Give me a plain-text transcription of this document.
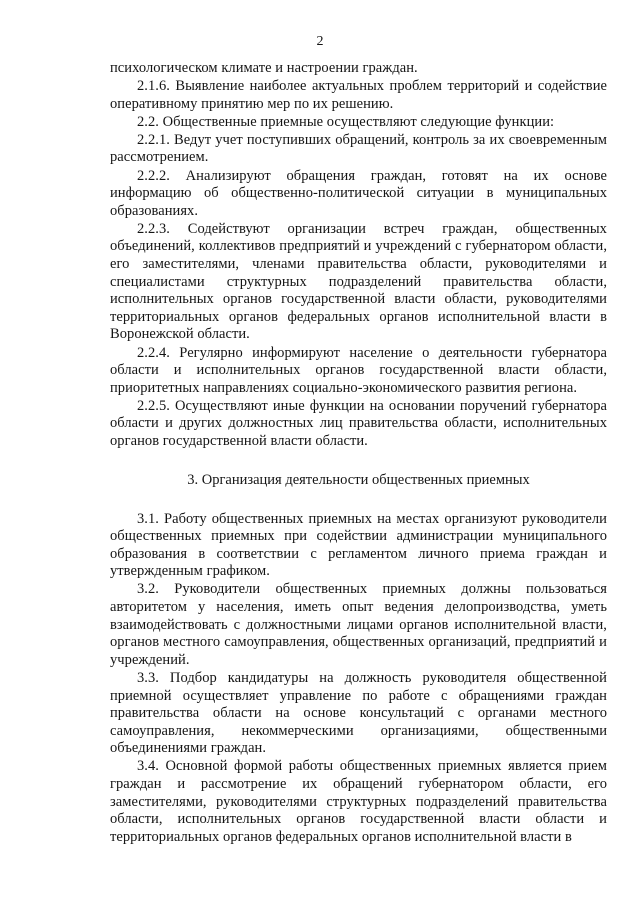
2

психологическом климате и настроении граждан.

2.1.6. Выявление наиболее актуальных проблем территорий и содействие оперативному принятию мер по их решению.

2.2. Общественные приемные осуществляют следующие функции:

2.2.1. Ведут учет поступивших обращений, контроль за их своевременным рассмотрением.

2.2.2. Анализируют обращения граждан, готовят на их основе информацию об общественно-политической ситуации в муниципальных образованиях.

2.2.3. Содействуют организации встреч граждан, общественных объединений, коллективов предприятий и учреждений с губернатором области, его заместителями, членами правительства области, руководителями и специалистами структурных подразделений правительства области, исполнительных органов государственной власти области, руководителями территориальных органов федеральных органов исполнительной власти в Воронежской области.

2.2.4. Регулярно информируют население о деятельности губернатора области и исполнительных органов государственной власти области, приоритетных направлениях социально-экономического развития региона.

2.2.5. Осуществляют иные функции на основании поручений губернатора области и других должностных лиц правительства области, исполнительных органов государственной власти области.

3. Организация деятельности общественных приемных

3.1. Работу общественных приемных на местах организуют руководители общественных приемных при содействии администрации муниципального образования в соответствии с регламентом личного приема граждан и утвержденным графиком.

3.2. Руководители общественных приемных должны пользоваться авторитетом у населения, иметь опыт ведения делопроизводства, уметь взаимодействовать с должностными лицами органов исполнительной власти, органов местного самоуправления, общественных организаций, предприятий и учреждений.

3.3. Подбор кандидатуры на должность руководителя общественной приемной осуществляет управление по работе с обращениями граждан правительства области на основе консультаций с органами местного самоуправления, некоммерческими организациями, общественными объединениями граждан.

3.4. Основной формой работы общественных приемных является прием граждан и рассмотрение их обращений губернатором области, его заместителями, руководителями структурных подразделений правительства области, исполнительных органов государственной власти области и территориальных органов федеральных органов исполнительной власти в
